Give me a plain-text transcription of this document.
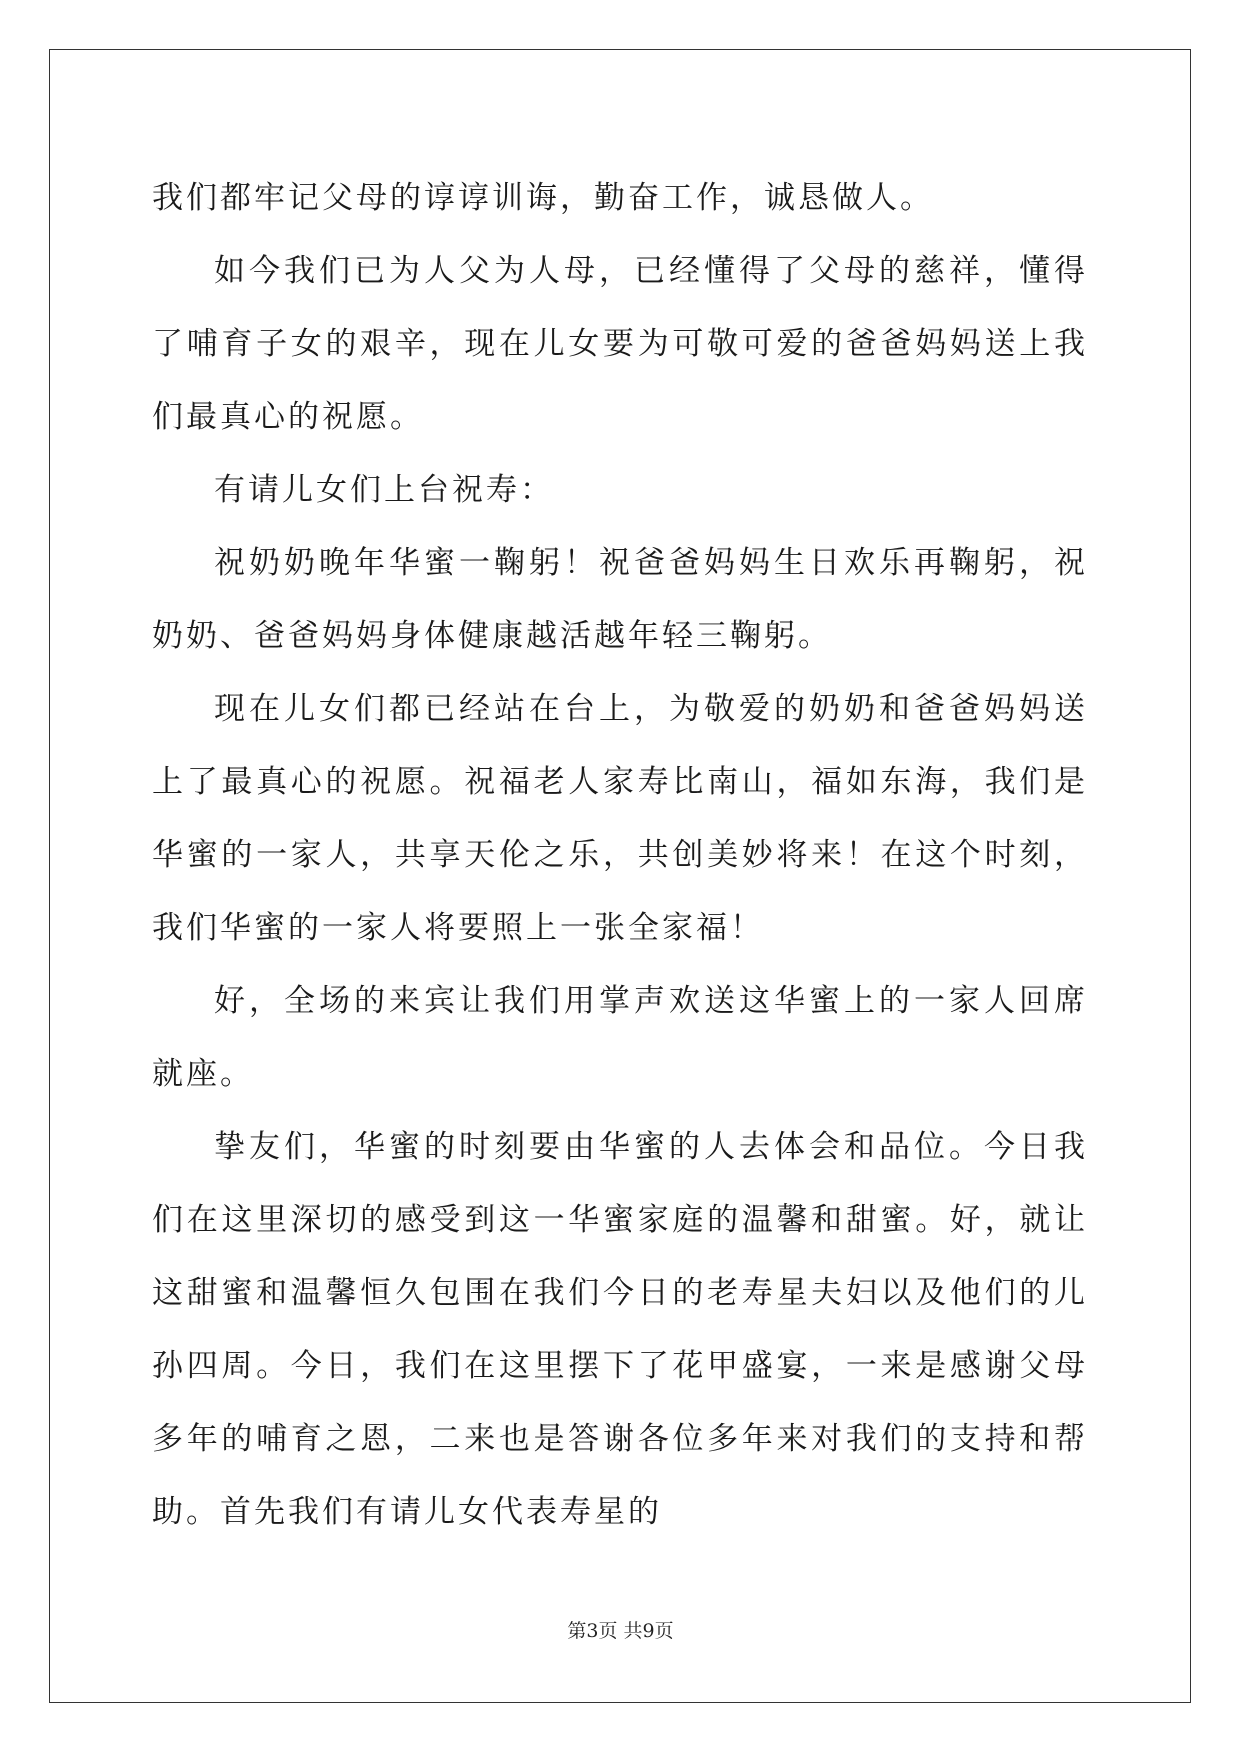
我们都牢记父母的谆谆训诲，勤奋工作，诚恳做人。

如今我们已为人父为人母，已经懂得了父母的慈祥，懂得了哺育子女的艰辛，现在儿女要为可敬可爱的爸爸妈妈送上我们最真心的祝愿。

有请儿女们上台祝寿：

祝奶奶晚年华蜜一鞠躬！祝爸爸妈妈生日欢乐再鞠躬，祝奶奶、爸爸妈妈身体健康越活越年轻三鞠躬。

现在儿女们都已经站在台上，为敬爱的奶奶和爸爸妈妈送上了最真心的祝愿。祝福老人家寿比南山，福如东海，我们是华蜜的一家人，共享天伦之乐，共创美妙将来！在这个时刻，我们华蜜的一家人将要照上一张全家福！

好，全场的来宾让我们用掌声欢送这华蜜上的一家人回席就座。

挚友们，华蜜的时刻要由华蜜的人去体会和品位。今日我们在这里深切的感受到这一华蜜家庭的温馨和甜蜜。好，就让这甜蜜和温馨恒久包围在我们今日的老寿星夫妇以及他们的儿孙四周。今日，我们在这里摆下了花甲盛宴，一来是感谢父母多年的哺育之恩，二来也是答谢各位多年来对我们的支持和帮助。首先我们有请儿女代表寿星的

第3页 共9页
